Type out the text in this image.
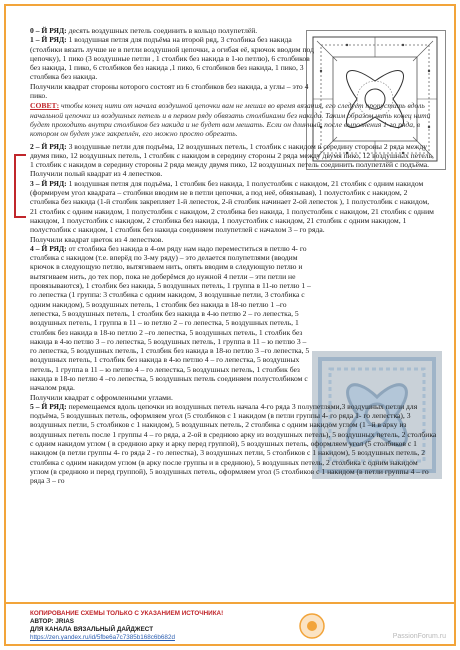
0 – Й РЯД: десять воздушных петель соединить в кольцо полупетлёй.

1 – Й РЯД: 1 воздушная петля для подъёма на второй ряд, 3 столбика без накида (столбики вязать лучше не в петли воздушной цепочки, а огибая её, крючок вводим под цепочку), 1 пико (3 воздушные петли , 1 столбик без накида в 1-ю петлю), 6 столбиков без накида, 1 пико, 6 столбиков без накида ,1 пико, 6 столбиков без накида, 1 пико, 3 столбика без накида.

Получили квадрат стороны которого состоят из 6 столбиков без накида, а углы – это 4 пико.

СОВЕТ: чтобы конец нити от начала воздушной цепочки вам не мешал во время вязания, его следует пропустить вдоль начальной цепочки из воздушных петель и в первом ряду обвязать столбиками без накида. Таким образом нить конец нити будет проходить внутри столбиков без накида и не будет вам мешать. Если он длинный, после выполнения 1-го ряда, в котором он будет уже закреплён, его можно просто обрезать.

2 – Й РЯД: 3 воздушные петли для подъёма, 12 воздушных петель, 1 столбик с накидом в середину стороны 2 ряда между двумя пико, 12 воздушных петель, 1 столбик с накидом в середину стороны 2 ряда между двумя пико, 12 воздушных петель, 1 столбик с накидом в середину стороны 2 ряда между двумя пико, 12 воздушных петель соединить полупетлёй с подъёма.

Получили полый квадрат из 4 лепестков.

3 – Й РЯД: 1 воздушная петля для подъёма, 1 столбик без накида, 1 полустолбик с накидом, 21 столбик с одним накидом (формируем угол квадрата – столбики вводим не в петли цепочки, а под неё, обвязывая), 1 полустолбик с накидом, 2 столбика без накида (1-й столбик закрепляет 1-й лепесток, 2-й столбик начинает 2-ой лепесток ), 1 полустолбик с накидом, 21 столбик с одним накидом, 1 полустолбик с накидом, 2 столбика без накида, 1 полустолбик с накидом, 21 столбик с одним накидом, 1 полустолбик с накидом, 2 столбика без накида, 1 полустолбик с накидом, 21 столбик с одним накидом, 1 полустолбик с накидом, 1 столбик без накида соединяем полупетлей с началом 3 – го ряда.

Получили квадрат цветок из 4 лепестков.

4 – Й РЯД: от столбика без накида в 4-ом ряду нам надо переместиться в петлю 4- го столбика с накидом (т.е. вперёд по 3-му ряду) – это делается полупетлями (вводим крючок в следующую петлю, вытягиваем нить, опять вводим в следующую петлю и вытягиваем нить, до тех пор, пока не доберёмся до нужной 4 петли – эти петли не провязываются), 1 столбик без накида, 5 воздушных петель, 1 группа в 11-ю петлю 1 –го лепестка (1 группа: 3 столбика с одним накидом, 3 воздушные петли, 3 столбика с одним накидом), 5 воздушных петель, 1 столбик без накида в 18-ю петлю 1 –го лепестка, 5 воздушных петель, 1 столбик без накида в 4-ю петлю 2 – го лепестка, 5 воздушных петель, 1 группа в 11 – ю петлю 2 – го лепестка, 5 воздушных петель, 1 столбик без накида в 18-ю петлю 2 –го лепестка, 5 воздушных петель, 1 столбик без накида в 4-ю петлю 3 – го лепестка, 5 воздушных петель, 1 группа в 11 – ю петлю 3 – го лепестка, 5 воздушных петель, 1 столбик без накида в 18-ю петлю 3 –го лепестка, 5 воздушных петель, 1 столбик без накида в 4-ю петлю 4 – го лепестка, 5 воздушных петель, 1 группа в 11 – ю петлю 4 – го лепестка, 5 воздушных петель, 1 столбик без накида в 18-ю петлю 4 –го лепестка, 5 воздушных петель соединяем полустолбиком с началом ряда.

Получили квадрат с офромленными углами.

5 – Й РЯД: перемещаемся вдоль цепочки из воздушных петель начала 4-го ряда 3 полупетлями,3 воздушных петли для подъёма, 5 воздушных петель, оформляем угол (5 столбиков с 1 накидом (в петли группы 4- го ряда 1- го лепестка), 3 воздушных петли, 5 столбиков с 1 накидом), 5 воздушных петель, 2 столбика с одним накидом углом (1 –й в арку из воздушных петель после 1 группы 4 – го ряда, а 2-ой в среднюю арку из воздушных петель), 5 воздушных петель, 2 столбика с одним накидом углом ( в среднюю арку и арку перед группой), 5 воздушных петель, оформляем угол (5 столбиков с 1 накидом (в петли группы 4- го ряда 2 - го лепестка), 3 воздушных петли, 5 столбиков с 1 накидом), 5 воздушных петель, 2 столбика с одним накидом углом (в арку после группы и в среднюю), 5 воздушных петель, 2 столбика с одним накидом углом (в среднюю и перед группой), 5 воздушных петель, оформляем угол (5 столбиков с 1 накидом (в петли группы 4 – го ряда 3 – го

КОПИРОВАНИЕ СХЕМЫ ТОЛЬКО С УКАЗАНИЕМ ИСТОЧНИКА!
АВТОР: JRIAS
ДЛЯ КАНАЛА ВЯЗАЛЬНЫЙ ДАЙДЖЕСТ
https://zen.yandex.ru/id/5fbe6a7c7385b168c6b682d	PassionForum.ru
